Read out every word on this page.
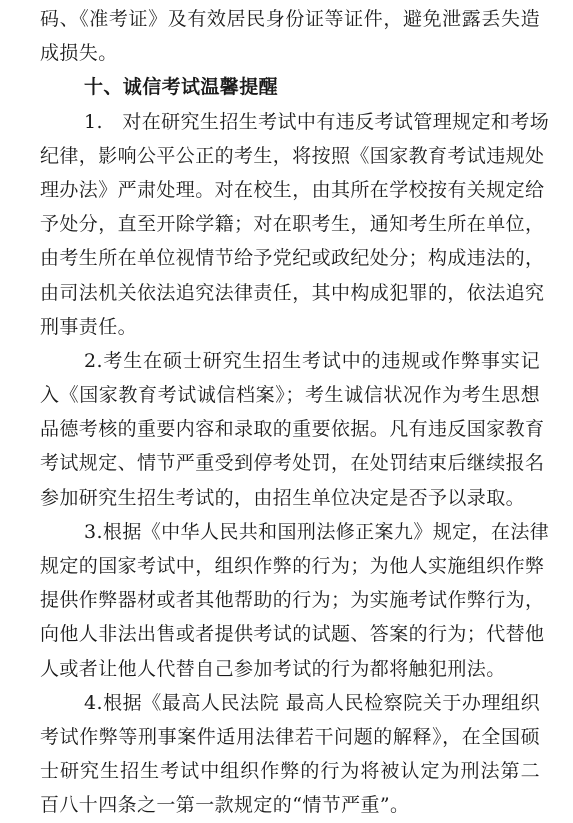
码、《准考证》及有效居民身份证等证件，避免泄露丢失造
成损失。
十、诚信考试温馨提醒
1.　对在研究生招生考试中有违反考试管理规定和考场
纪律，影响公平公正的考生，将按照《国家教育考试违规处
理办法》严肃处理。对在校生，由其所在学校按有关规定给
予处分，直至开除学籍；对在职考生，通知考生所在单位，
由考生所在单位视情节给予党纪或政纪处分；构成违法的，
由司法机关依法追究法律责任，其中构成犯罪的，依法追究
刑事责任。
2.考生在硕士研究生招生考试中的违规或作弊事实记
入《国家教育考试诚信档案》；考生诚信状况作为考生思想
品德考核的重要内容和录取的重要依据。凡有违反国家教育
考试规定、情节严重受到停考处罚，在处罚结束后继续报名
参加研究生招生考试的，由招生单位决定是否予以录取。
3.根据《中华人民共和国刑法修正案九》规定，在法律
规定的国家考试中，组织作弊的行为；为他人实施组织作弊
提供作弊器材或者其他帮助的行为；为实施考试作弊行为，
向他人非法出售或者提供考试的试题、答案的行为；代替他
人或者让他人代替自己参加考试的行为都将触犯刑法。
4.根据《最高人民法院 最高人民检察院关于办理组织
考试作弊等刑事案件适用法律若干问题的解释》，在全国硕
士研究生招生考试中组织作弊的行为将被认定为刑法第二
百八十四条之一第一款规定的“情节严重”。
